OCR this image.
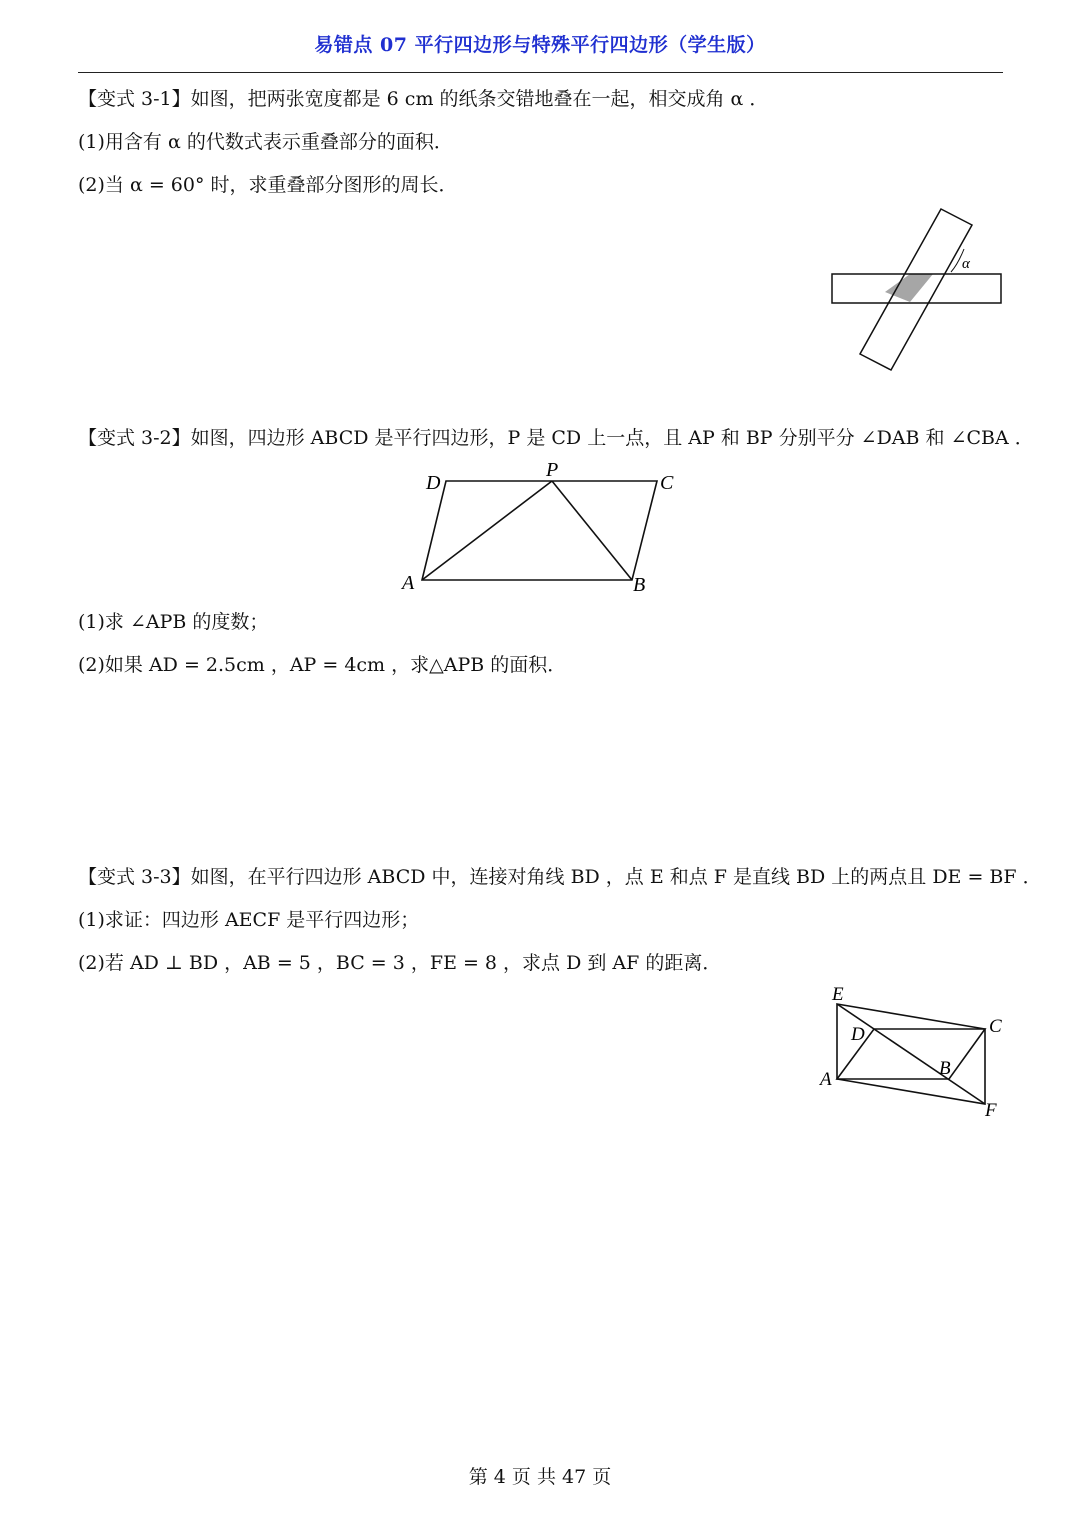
易错点 07 平行四边形与特殊平行四边形（学生版）
【变式 3-1】如图，把两张宽度都是 6 cm 的纸条交错地叠在一起，相交成角 α ．
(1)用含有 α 的代数式表示重叠部分的面积．
(2)当 α = 60° 时，求重叠部分图形的周长．
α
【变式 3-2】如图，四边形 ABCD 是平行四边形，P 是 CD 上一点，且 AP 和 BP 分别平分 ∠DAB 和 ∠CBA ．
D
P
C
A	B
(1)求 ∠APB 的度数；
(2)如果 AD = 2.5cm ，AP = 4cm ，求△APB 的面积．
【变式 3-3】如图，在平行四边形 ABCD 中，连接对角线 BD ，点 E 和点 F 是直线 BD 上的两点且 DE = BF ．
(1)求证：四边形 AECF 是平行四边形；
(2)若 AD ⊥ BD ，AB = 5 ，BC = 3 ，FE = 8 ，求点 D 到 AF 的距离．
E
D	C
B
A
F
第 4 页 共 47 页
